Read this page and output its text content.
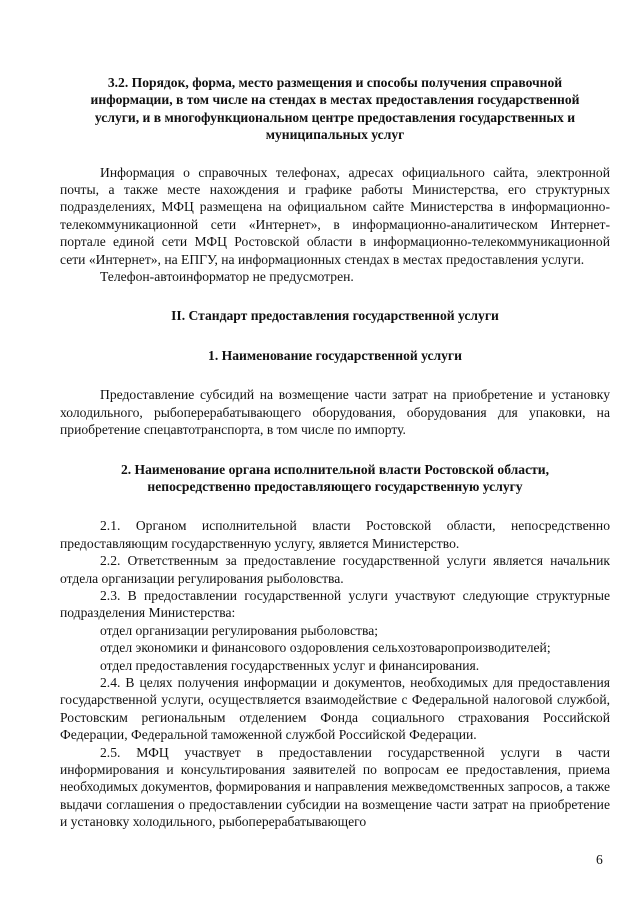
3.2. Порядок, форма, место размещения и способы получения справочной информации, в том числе на стендах в местах предоставления государственной услуги, и в многофункциональном центре предоставления государственных и муниципальных услуг

Информация о справочных телефонах, адресах официального сайта, электронной почты, а также месте нахождения и графике работы Министерства, его структурных подразделениях, МФЦ размещена на официальном сайте Министерства в информационно-телекоммуникационной сети «Интернет», в информационно-аналитическом Интернет-портале единой сети МФЦ Ростовской области в информационно-телекоммуникационной сети «Интернет», на ЕПГУ, на информационных стендах в местах предоставления услуги.

Телефон-автоинформатор не предусмотрен.

II. Стандарт предоставления государственной услуги

1. Наименование государственной услуги

Предоставление субсидий на возмещение части затрат на приобретение и установку холодильного, рыбоперерабатывающего оборудования, оборудования для упаковки, на приобретение спецавтотранспорта, в том числе по импорту.

2. Наименование органа исполнительной власти Ростовской области, непосредственно предоставляющего государственную услугу

2.1. Органом исполнительной власти Ростовской области, непосредственно предоставляющим государственную услугу, является Министерство.

2.2. Ответственным за предоставление государственной услуги является начальник отдела организации регулирования рыболовства.

2.3. В предоставлении государственной услуги участвуют следующие структурные подразделения Министерства:

отдел организации регулирования рыболовства;

отдел экономики и финансового оздоровления сельхозтоваропроизводителей;

отдел предоставления государственных услуг и финансирования.

2.4. В целях получения информации и документов, необходимых для предоставления государственной услуги, осуществляется взаимодействие с Федеральной налоговой службой, Ростовским региональным отделением Фонда социального страхования Российской Федерации, Федеральной таможенной службой Российской Федерации.

2.5. МФЦ участвует в предоставлении государственной услуги в части информирования и консультирования заявителей по вопросам ее предоставления, приема необходимых документов, формирования и направления межведомственных запросов, а также выдачи соглашения о предоставлении субсидии на возмещение части затрат на приобретение и установку холодильного, рыбоперерабатывающего

6
